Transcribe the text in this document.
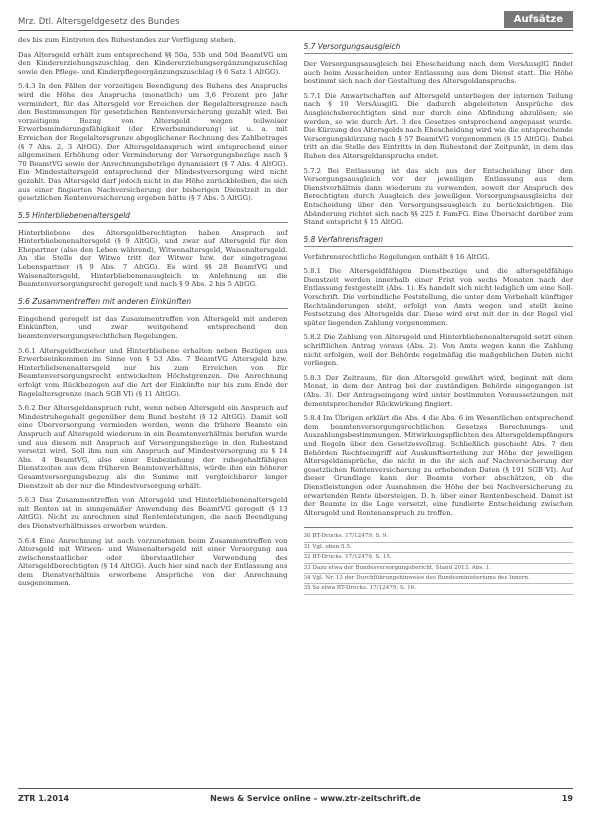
Mrz. Dtl. Altersgeldgesetz des Bundes	Aufsätze
des bis zum Eintreten des Ruhestandes zur Verfügung stehen.
Das Altersgeld erhält zum entsprechend §§ 50a, 53b und 50d BeamtVG um den Kindererziehungszuschlag, den Kindererziehungsergänzungszuschlag sowie den Pflege- und Kinderpflegeergänzungszuschlag (§ 6 Satz 1 AltGG).
5.4.3 In den Fällen der vorzeitigen Beendigung des Ruhens des Anspruchs wird die Höhe des Anspruchs (monatlich) um 3,6 Prozent pro Jahr vermindert, für das Altersgeld vor Erreichen der Regelaltersgrenze nach den Bestimmungen für gesetzlichen Rentenversicherung gezahlt wird. Bei vorzeitigem Bezug von Altersgeld wegen teilweiser Erwerbsminderungsfähigkeit (der Erwerbsminderung) ist u. a. mit Erreichen der Regelaltersgrenze abgeglichener Rechnung des Zahlbetrages (§ 7 Abs. 2, 3 AltGG). Der Altersgeldanspruch wird entsprechend einer allgemeinen Erhöhung oder Verminderung der Versorgungsbezüge nach § 70 BeamtVG sowie der Anrechnungsbeträge dynamisiert (§ 7 Abs. 4 AltGG). Ein Mindestaltersgeld entsprechend der Mindestversorgung wird nicht gezahlt. Das Altersgeld darf jedoch nicht in die Höhe zurückbleiben, die sich aus einer fingierten Nachversicherung der bisherigen Dienstzeit in der gesetzlichen Rentenversicherung ergeben hätte (§ 7 Abs. 5 AltGG).
5.5 Hinterbliebenenaltersgeld
Hinterbliebene des Altersgeldberechtigten haben Anspruch auf Hinterbliebenenaltersgeld (§ 9 AltGG), und zwar auf Altersgeld für den Ehepartner (also den Leben während), Witwenaltersgeld, Waisenaltersgeld. An die Stelle der Witwe tritt der Witwer bzw. der eingetragene Lebenspartner (§ 9 Abs. 7 AltGG). Es wird §§ 28 BeamtVG und Waisenaltersgeld, Hinterbliebenenausgleich in Anlehnung an die Beamtenversorgungsrecht geregelt und nach § 9 Abs. 2 bis 5 AltGG.
5.6 Zusammentreffen mit anderen Einkünften
Eingehend geregelt ist das Zusammentreffen von Altersgeld mit anderen Einkünften, und zwar weitgehend entsprechend den beamtenversorgungsrechtlichen Regelungen.
5.6.1 Altersgeldbezieher und Hinterbliebene erhalten neben Bezügen aus Erwerbseinkommen im Sinne von § 53 Abs. 7 BeamtVG Altersgeld bzw. Hinterbliebenenaltersgeld nur bis zum Erreichen von für Beamtenversorgungsrecht entwickelten Höchstgrenzen. Die Anrechnung erfolgt vom Rückbezogen auf die Art der Einkünfte nur bis zum Ende der Regelaltersgrenze (nach SGB VI) (§ 11 AltGG).
5.6.2 Der Altersgeldanspruch ruht, wenn neben Altersgeld ein Anspruch auf Mindestruhegehalt gegenüber dem Bund besteht (§ 12 AltGG). Damit soll eine Überversorgung vermieden werden, wenn die frühere Beamte ein Anspruch auf Altersgeld wiederum in ein Beamtenverhältnis berufen wurde und aus diesem mit Anspruch auf Versorgungsbezüge in den Ruhestand versetzt wird. Soll ihm nun ein Anspruch auf Mindestversorgung zu § 14 Abs. 4 BeamtVG, also einer Einbeziehung der ruhegehaltfähigen Dienstzeiten aus dem früheren Beamtenverhältnis, würde ihm ein höherer Gesamtversorgungsbezug als die Summe mit vergleichbarer langer Dienstzeit ab der nur die Mindestversorgung erhält.
5.6.3 Das Zusammentreffen von Altersgeld und Hinterbliebenenaltersgeld mit Renten ist in sinngemäßer Anwendung des BeamtVG geregelt (§ 13 AltGG). Nicht zu anrechnen sind Rentenleistungen, die nach Beendigung des Dienstverhältnisses erworben wurden.
5.6.4 Eine Anrechnung ist auch vorzunehmen beim Zusammentreffen von Altersgeld mit Witwen- und Waisenaltersgeld mit einer Versorgung aus zwischenstaatlicher oder überstaatlicher Verwendung des Altersgeldberechtigten (§ 14 AltGG). Auch hier sind nach der Entlassung aus dem Dienstverhältnis erworbene Ansprüche von der Anrechnung ausgenommen.
5.7 Versorgungsausgleich
Der Versorgungsausgleich bei Ehescheidung nach dem VersAusglG findet auch beim Ausscheiden unter Entlassung aus dem Dienst statt. Die Höhe bestimmt sich nach der Gestaltung des Altersgeldanspruchs.
5.7.1 Die Anwartschaften auf Altersgeld unterliegen der internen Teilung nach § 10 VersAusglG. Die dadurch abgeleiteten Ansprüche des Ausgleichsberechtigten sind nur durch eine Abfindung abzulösen; sie werden, so wie durch Art. 3 des Gesetzes entsprechend angepasst wurde. Die Kürzung des Altersgelds nach Ehescheidung wird wie die entsprechende Versorgungskürzung nach § 57 BeamtVG vorgenommen (§ 15 AltGG). Dabei tritt an die Stelle des Eintritts in den Ruhestand der Zeitpunkt, in dem das Ruhen des Altersgeldanspruchs endet.
5.7.2 Bei Entlassung ist das sich aus der Entscheidung über den Versorgungsausgleich vor der jeweiligen Entlassung aus dem Dienstverhältnis dann wiederum zu verwenden, soweit der Anspruch des Berechtigten durch Ausgleich des jeweiligen Versorgungsausgleichs der Entscheidung über den Versorgungsausgleich zu berücksichtigen. Die Abänderung richtet sich nach §§ 225 f. FamFG. Eine Übersicht darüber zum Stand entspricht § 15 AltGG.
5.8 Verfahrensfragen
Verfahrensrechtliche Regelungen enthält § 16 AltGG.
5.8.1 Die Altersgeldfähigen Dienstbezüge und die altersgeldfähige Dienstzeit werden innerhalb einer Frist von sechs Monaten nach der Entlassung festgestellt (Abs. 1). Es handelt sich nicht lediglich um eine Soll-Vorschrift. Die verbindliche Feststellung, die unter dem Vorbehalt künftiger Rechtsänderungen steht, erfolgt von Amts wegen und stellt keine Festsetzung des Altersgelds dar. Diese wird erst mit der in der Regel viel später liegenden Zahlung vorgenommen.
5.8.2 Die Zahlung von Altersgeld und Hinterbliebenenaltersgeld setzt einen schriftlichen Antrag voraus (Abs. 2). Von Amts wegen kann die Zahlung nicht erfolgen, weil der Behörde regelmäßig die maßgeblichen Daten nicht vorliegen.
5.8.3 Der Zeitraum, für den Altersgeld gewährt wird, beginnt mit dem Monat, in dem der Antrag bei der zuständigen Behörde eingegangen ist (Abs. 3). Der Antragseingang wird unter bestimmten Voraussetzungen mit dementsprechender Rückwirkung fingiert.
5.8.4 Im Übrigen erklärt die Abs. 4 die Abs. 6 im Wesentlichen entsprechend dem beamtenversorgungsrechtlichen Gesetzes Berechnungs- und Auszahlungsbestimmungen. Mitwirkungspflichten des Altersgeldempfängers und Regeln über den Gesetzesvollzug. Schließlich geschieht Abs. 7 den Behörden Rechtseingriff auf Auskunftserteilung zur Höhe der jeweiligen Altersgeldansprüche, die nicht in die ihr sich auf Nachversicherung der gesetzlichen Rentenversicherung zu erhebenden Daten (§ 191 SGB VI). Auf dieser Grundlage kann der Beamte vorher abschätzen, ob die Dienstleistungen oder Ausnahmen die Höhe der bei Nachversicherung zu erwartenden Rente übersteigen. D. h. über einer Rentenbescheid. Damit ist der Beamte in die Lage versetzt, eine fundierte Entscheidung zwischen Altersgeld und Rentenanspruch zu treffen.
30 BT-Drucks. 17/12479, S. 9.
31 Vgl. oben 5.5.
32 BT-Drucks. 17/12479, S. 15.
33 Dazu etwa der Bundesversorgungsbericht, Stand 2013, Abs. 1.
34 Vgl. Nr. 13 der Durchführungshinweise des Bundesministeriums des Innern.
35 So etwa BT-Drucks. 17/12479, S. 16.
ZTR 1.2014	News & Service online – www.ztr-zeitschrift.de	19
